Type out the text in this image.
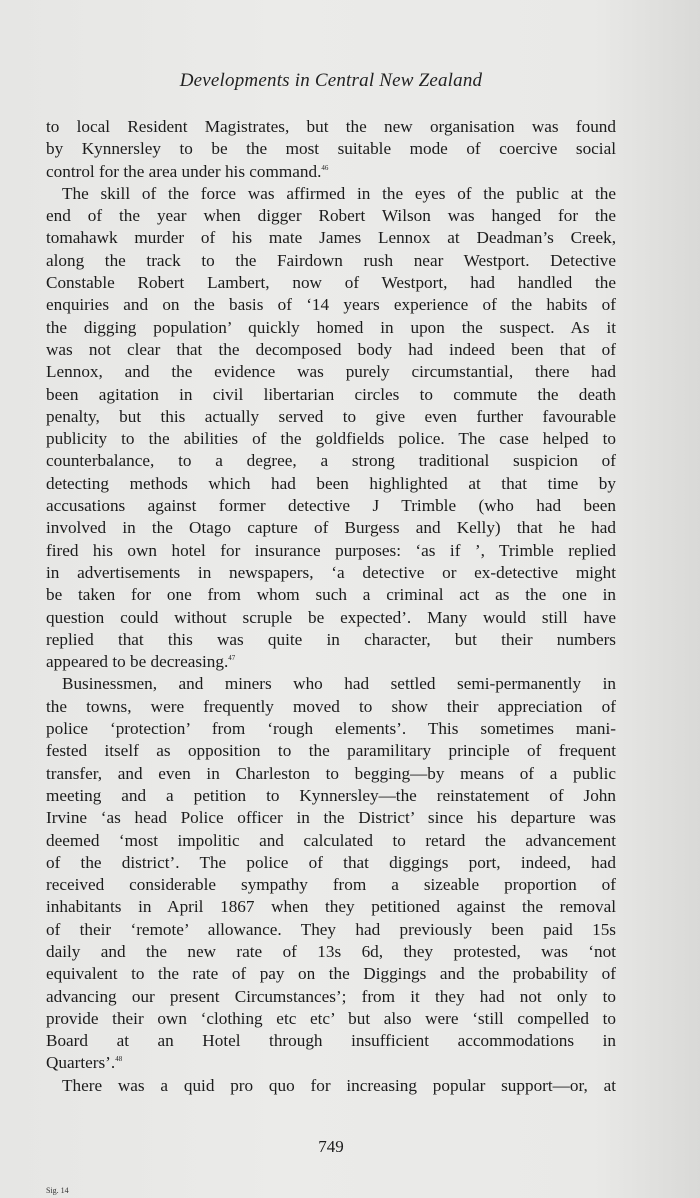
Developments in Central New Zealand
to local Resident Magistrates, but the new organisation was found
by Kynnersley to be the most suitable mode of coercive social
control for the area under his command.$^{46}$
The skill of the force was affirmed in the eyes of the public at the
end of the year when digger Robert Wilson was hanged for the
tomahawk murder of his mate James Lennox at Deadman’s Creek,
along the track to the Fairdown rush near Westport. Detective
Constable Robert Lambert, now of Westport, had handled the
enquiries and on the basis of ‘14 years experience of the habits of
the digging population’ quickly homed in upon the suspect. As it
was not clear that the decomposed body had indeed been that of
Lennox, and the evidence was purely circumstantial, there had
been agitation in civil libertarian circles to commute the death
penalty, but this actually served to give even further favourable
publicity to the abilities of the goldfields police. The case helped to
counterbalance, to a degree, a strong traditional suspicion of
detecting methods which had been highlighted at that time by
accusations against former detective J Trimble (who had been
involved in the Otago capture of Burgess and Kelly) that he had
fired his own hotel for insurance purposes: ‘as if ’, Trimble replied
in advertisements in newspapers, ‘a detective or ex-detective might
be taken for one from whom such a criminal act as the one in
question could without scruple be expected’. Many would still have
replied that this was quite in character, but their numbers
appeared to be decreasing.$^{47}$
Businessmen, and miners who had settled semi-permanently in
the towns, were frequently moved to show their appreciation of
police ‘protection’ from ‘rough elements’. This sometimes mani-
fested itself as opposition to the paramilitary principle of frequent
transfer, and even in Charleston to begging—by means of a public
meeting and a petition to Kynnersley—the reinstatement of John
Irvine ‘as head Police officer in the District’ since his departure was
deemed ‘most impolitic and calculated to retard the advancement
of the district’. The police of that diggings port, indeed, had
received considerable sympathy from a sizeable proportion of
inhabitants in April 1867 when they petitioned against the removal
of their ‘remote’ allowance. They had previously been paid 15s
daily and the new rate of 13s 6d, they protested, was ‘not
equivalent to the rate of pay on the Diggings and the probability of
advancing our present Circumstances’; from it they had not only to
provide their own ‘clothing etc etc’ but also were ‘still compelled to
Board at an Hotel through insufficient accommodations in
Quarters’.$^{48}$
There was a quid pro quo for increasing popular support—or, at
749
Sig. 14
